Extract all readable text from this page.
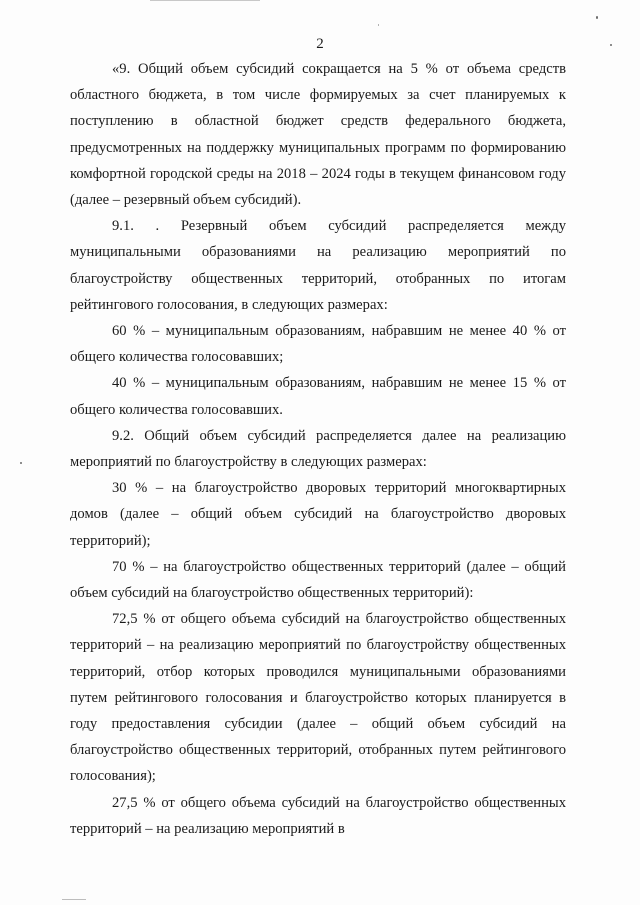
2

«9. Общий объем субсидий сокращается на 5 % от объема средств областного бюджета, в том числе формируемых за счет планируемых к поступлению в областной бюджет средств федерального бюджета, предусмотренных на поддержку муниципальных программ по формированию комфортной городской среды на 2018 – 2024 годы в текущем финансовом году (далее – резервный объем субсидий).

9.1. . Резервный объем субсидий распределяется между муниципальными образованиями на реализацию мероприятий по благоустройству общественных территорий, отобранных по итогам рейтингового голосования, в следующих размерах:

60 % – муниципальным образованиям, набравшим не менее 40 % от общего количества голосовавших;

40 % – муниципальным образованиям, набравшим не менее 15 % от общего количества голосовавших.

9.2. Общий объем субсидий распределяется далее на реализацию мероприятий по благоустройству в следующих размерах:

30 % – на благоустройство дворовых территорий многоквартирных домов (далее – общий объем субсидий на благоустройство дворовых территорий);

70 % – на благоустройство общественных территорий (далее – общий объем субсидий на благоустройство общественных территорий):

72,5 % от общего объема субсидий на благоустройство общественных территорий – на реализацию мероприятий по благоустройству общественных территорий, отбор которых проводился муниципальными образованиями путем рейтингового голосования и благоустройство которых планируется в году предоставления субсидии (далее – общий объем субсидий на благоустройство общественных территорий, отобранных путем рейтингового голосования);

27,5 % от общего объема субсидий на благоустройство общественных территорий – на реализацию мероприятий в
